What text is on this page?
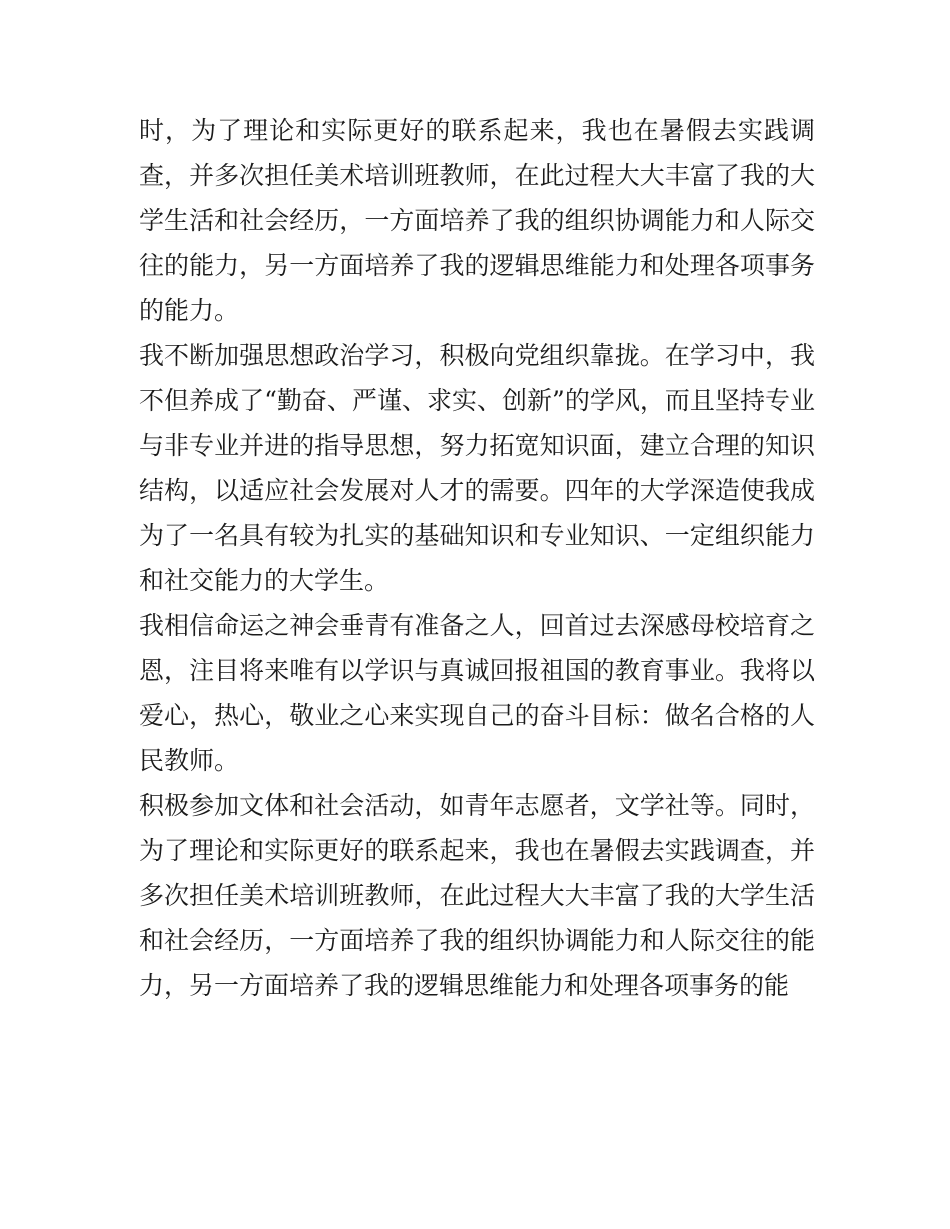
时，为了理论和实际更好的联系起来，我也在暑假去实践调
查，并多次担任美术培训班教师，在此过程大大丰富了我的大
学生活和社会经历，一方面培养了我的组织协调能力和人际交
往的能力，另一方面培养了我的逻辑思维能力和处理各项事务
的能力。
我不断加强思想政治学习，积极向党组织靠拢。在学习中，我
不但养成了“勤奋、严谨、求实、创新”的学风，而且坚持专业
与非专业并进的指导思想，努力拓宽知识面，建立合理的知识
结构，以适应社会发展对人才的需要。四年的大学深造使我成
为了一名具有较为扎实的基础知识和专业知识、一定组织能力
和社交能力的大学生。
我相信命运之神会垂青有准备之人，回首过去深感母校培育之
恩，注目将来唯有以学识与真诚回报祖国的教育事业。我将以
爱心，热心，敬业之心来实现自己的奋斗目标：做名合格的人
民教师。
积极参加文体和社会活动，如青年志愿者，文学社等。同时，
为了理论和实际更好的联系起来，我也在暑假去实践调查，并
多次担任美术培训班教师，在此过程大大丰富了我的大学生活
和社会经历，一方面培养了我的组织协调能力和人际交往的能
力，另一方面培养了我的逻辑思维能力和处理各项事务的能
